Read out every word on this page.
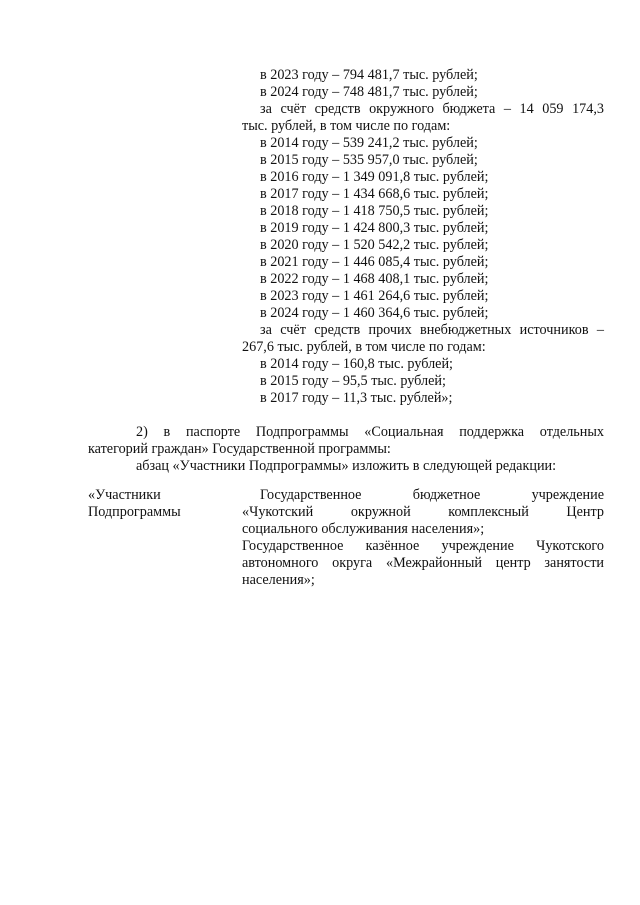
в 2023 году – 794 481,7 тыс. рублей;
в 2024 году – 748 481,7 тыс. рублей;
за счёт средств окружного бюджета – 14 059 174,3
тыс. рублей, в том числе по годам:
в 2014 году – 539 241,2 тыс. рублей;
в 2015 году – 535 957,0 тыс. рублей;
в 2016 году – 1 349 091,8 тыс. рублей;
в 2017 году – 1 434 668,6 тыс. рублей;
в 2018 году – 1 418 750,5 тыс. рублей;
в 2019 году – 1 424 800,3 тыс. рублей;
в 2020 году – 1 520 542,2 тыс. рублей;
в 2021 году – 1 446 085,4 тыс. рублей;
в 2022 году – 1 468 408,1 тыс. рублей;
в 2023 году – 1 461 264,6 тыс. рублей;
в 2024 году – 1 460 364,6 тыс. рублей;
за счёт средств прочих внебюджетных источников –
267,6 тыс. рублей, в том числе по годам:
в 2014 году – 160,8 тыс. рублей;
в 2015 году – 95,5 тыс. рублей;
в 2017 году – 11,3 тыс. рублей»;
2) в паспорте Подпрограммы «Социальная поддержка отдельных
категорий граждан» Государственной программы:
абзац «Участники Подпрограммы» изложить в следующей редакции:
«Участники
Подпрограммы
Государственное бюджетное учреждение
«Чукотский окружной комплексный Центр
социального обслуживания населения»;
Государственное казённое учреждение Чукотского
автономного округа «Межрайонный центр занятости
населения»;
